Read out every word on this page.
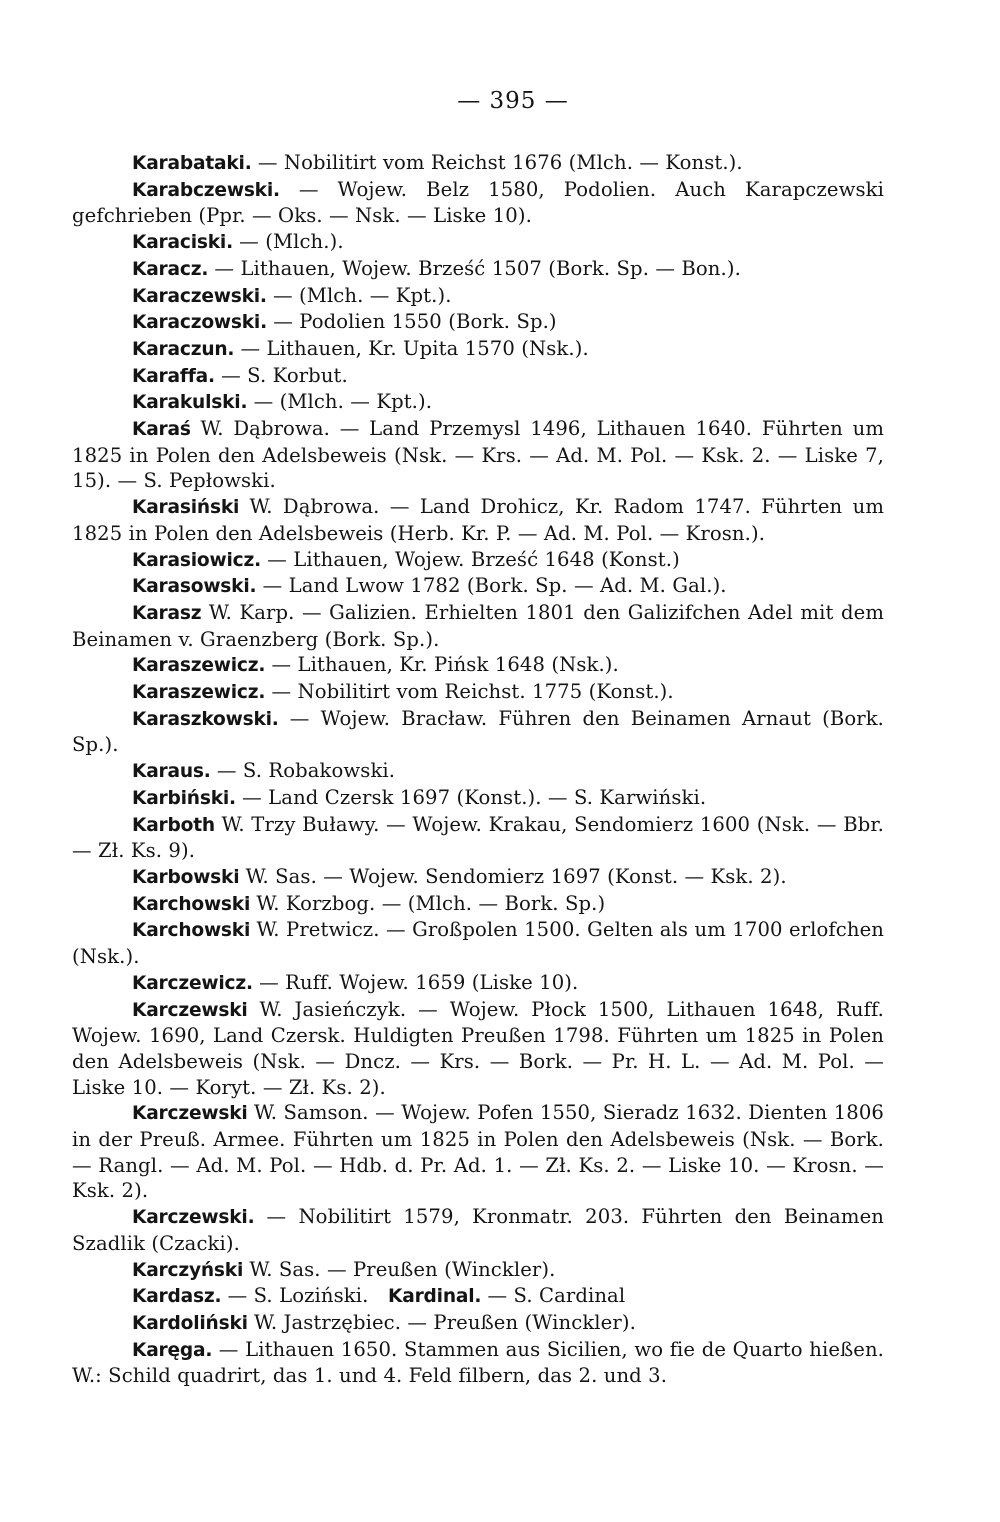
— 395 —

Karabataki. — Nobilitirt vom Reichst 1676 (Mlch. — Konst.).

Karabczewski. — Wojew. Belz 1580, Podolien. Auch Karapczewski gefchrieben (Ppr. — Oks. — Nsk. — Liske 10).

Karaciski. — (Mlch.).

Karacz. — Lithauen, Wojew. Brześć 1507 (Bork. Sp. — Bon.).

Karaczewski. — (Mlch. — Kpt.).

Karaczowski. — Podolien 1550 (Bork. Sp.)

Karaczun. — Lithauen, Kr. Upita 1570 (Nsk.).

Karaffa. — S. Korbut.

Karakulski. — (Mlch. — Kpt.).

Karaś W. Dąbrowa. — Land Przemysl 1496, Lithauen 1640. Führten um 1825 in Polen den Adelsbeweis (Nsk. — Krs. — Ad. M. Pol. — Ksk. 2. — Liske 7, 15). — S. Pepłowski.

Karasiński W. Dąbrowa. — Land Drohicz, Kr. Radom 1747. Führten um 1825 in Polen den Adelsbeweis (Herb. Kr. P. — Ad. M. Pol. — Krosn.).

Karasiowicz. — Lithauen, Wojew. Brześć 1648 (Konst.)

Karasowski. — Land Lwow 1782 (Bork. Sp. — Ad. M. Gal.).

Karasz W. Karp. — Galizien. Erhielten 1801 den Galizifchen Adel mit dem Beinamen v. Graenzberg (Bork. Sp.).

Karaszewicz. — Lithauen, Kr. Pińsk 1648 (Nsk.).

Karaszewicz. — Nobilitirt vom Reichst. 1775 (Konst.).

Karaszkowski. — Wojew. Bracław. Führen den Beinamen Arnaut (Bork. Sp.).

Karaus. — S. Robakowski.

Karbiński. — Land Czersk 1697 (Konst.). — S. Karwiński.

Karboth W. Trzy Buławy. — Wojew. Krakau, Sendomierz 1600 (Nsk. — Bbr. — Zł. Ks. 9).

Karbowski W. Sas. — Wojew. Sendomierz 1697 (Konst. — Ksk. 2).

Karchowski W. Korzbog. — (Mlch. — Bork. Sp.)

Karchowski W. Pretwicz. — Großpolen 1500. Gelten als um 1700 erlofchen (Nsk.).

Karczewicz. — Ruff. Wojew. 1659 (Liske 10).

Karczewski W. Jasieńczyk. — Wojew. Płock 1500, Lithauen 1648, Ruff. Wojew. 1690, Land Czersk. Huldigten Preußen 1798. Führten um 1825 in Polen den Adelsbeweis (Nsk. — Dncz. — Krs. — Bork. — Pr. H. L. — Ad. M. Pol. — Liske 10. — Koryt. — Zł. Ks. 2).

Karczewski W. Samson. — Wojew. Pofen 1550, Sieradz 1632. Dienten 1806 in der Preuß. Armee. Führten um 1825 in Polen den Adelsbeweis (Nsk. — Bork. — Rangl. — Ad. M. Pol. — Hdb. d. Pr. Ad. 1. — Zł. Ks. 2. — Liske 10. — Krosn. — Ksk. 2).

Karczewski. — Nobilitirt 1579, Kronmatr. 203. Führten den Beinamen Szadlik (Czacki).

Karczyński W. Sas. — Preußen (Winckler).

Kardasz. — S. Loziński.  Kardinal. — S. Cardinal

Kardoliński W. Jastrzębiec. — Preußen (Winckler).

Karęga. — Lithauen 1650. Stammen aus Sicilien, wo fie de Quarto hießen. W.: Schild quadrirt, das 1. und 4. Feld filbern, das 2. und 3.
